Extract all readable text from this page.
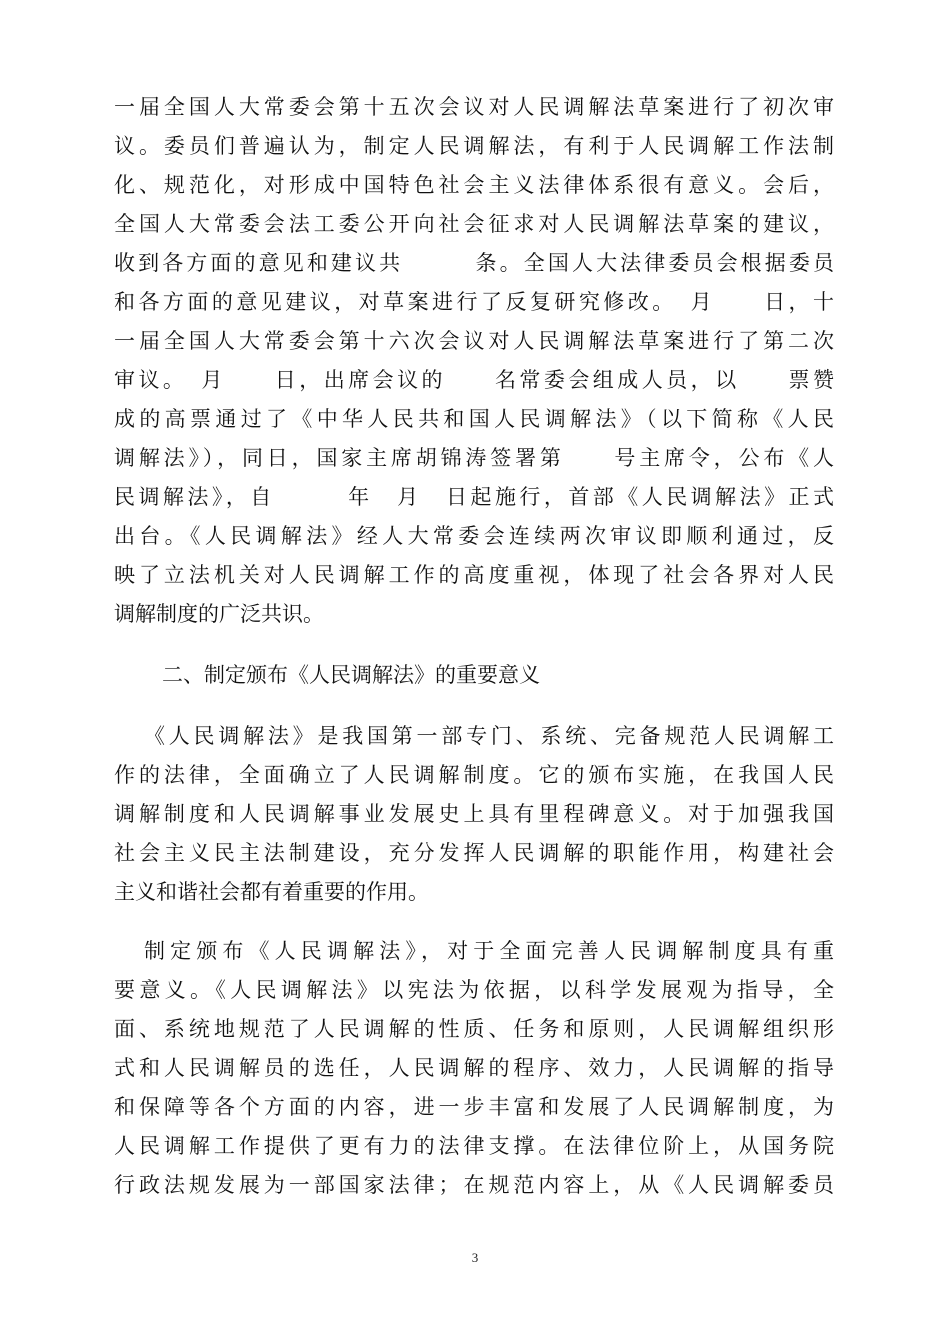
一届全国人大常委会第十五次会议对人民调解法草案进行了初次审
议。委员们普遍认为，制定人民调解法，有利于人民调解工作法制
化、规范化，对形成中国特色社会主义法律体系很有意义。会后，
全国人大常委会法工委公开向社会征求对人民调解法草案的建议，
收到各方面的意见和建议共　　　条。全国人大法律委员会根据委员
和各方面的意见建议，对草案进行了反复研究修改。　月　　日，十
一届全国人大常委会第十六次会议对人民调解法草案进行了第二次
审议。　月　　日，出席会议的　　名常委会组成人员，以　　票赞
成的高票通过了《中华人民共和国人民调解法》（以下简称《人民
调解法》），同日，国家主席胡锦涛签署第　　号主席令，公布《人
民调解法》，自　　　年　月　日起施行，首部《人民调解法》正式
出台。《人民调解法》经人大常委会连续两次审议即顺利通过，反
映了立法机关对人民调解工作的高度重视，体现了社会各界对人民
调解制度的广泛共识。
二、制定颁布《人民调解法》的重要意义
《人民调解法》是我国第一部专门、系统、完备规范人民调解工
作的法律，全面确立了人民调解制度。它的颁布实施，在我国人民
调解制度和人民调解事业发展史上具有里程碑意义。对于加强我国
社会主义民主法制建设，充分发挥人民调解的职能作用，构建社会
主义和谐社会都有着重要的作用。
制定颁布《人民调解法》，对于全面完善人民调解制度具有重
要意义。《人民调解法》以宪法为依据，以科学发展观为指导，全
面、系统地规范了人民调解的性质、任务和原则，人民调解组织形
式和人民调解员的选任，人民调解的程序、效力，人民调解的指导
和保障等各个方面的内容，进一步丰富和发展了人民调解制度，为
人民调解工作提供了更有力的法律支撑。在法律位阶上，从国务院
行政法规发展为一部国家法律；在规范内容上，从《人民调解委员
3
